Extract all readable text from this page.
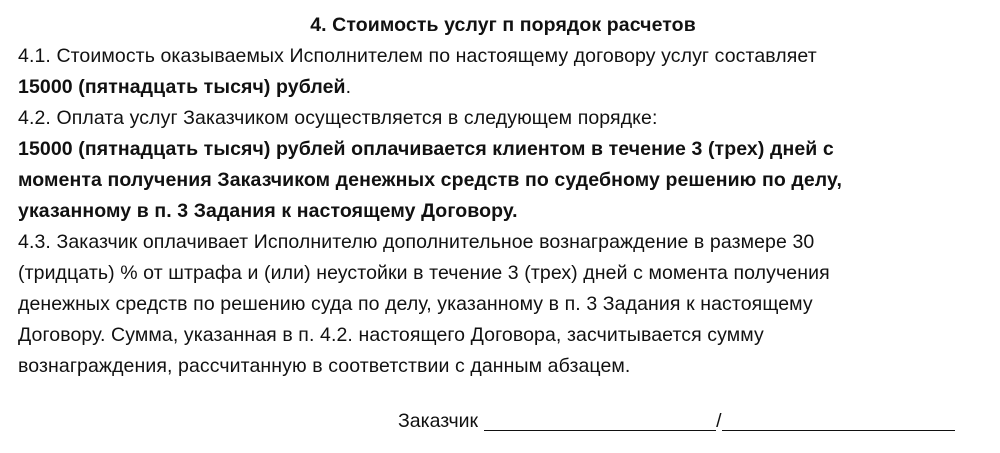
4. Стоимость услуг п порядок расчетов

4.1. Стоимость оказываемых Исполнителем по настоящему договору услуг составляет

15000 (пятнадцать тысяч) рублей.

4.2. Оплата услуг Заказчиком осуществляется в следующем порядке:

15000 (пятнадцать тысяч) рублей оплачивается клиентом в течение 3 (трех) дней с

момента получения Заказчиком денежных средств по судебному решению по делу,

указанному в п. 3 Задания к настоящему Договору.

4.3. Заказчик оплачивает Исполнителю дополнительное вознаграждение в размере 30

(тридцать) % от штрафа и (или) неустойки в течение 3 (трех) дней с момента получения

денежных средств по решению суда по делу, указанному в п. 3 Задания к настоящему

Договору. Сумма, указанная в п. 4.2. настоящего Договора, засчитывается сумму

вознаграждения, рассчитанную в соответствии с данным абзацем.

Заказчик	/
